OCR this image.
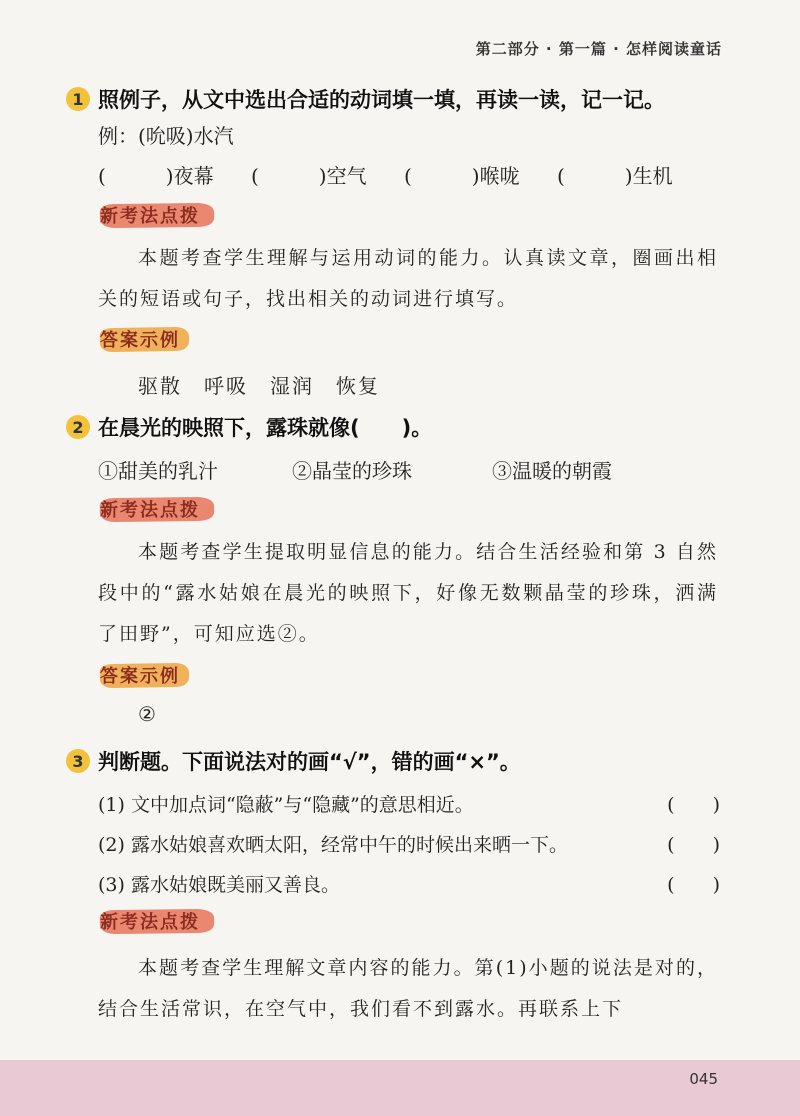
第二部分 · 第一篇 · 怎样阅读童话
1 照例子，从文中选出合适的动词填一填，再读一读，记一记。
例：(吮吸)水汽
(　　　)夜幕	(　　　)空气	(　　　)喉咙	(　　　)生机
新考法点拨
本题考查学生理解与运用动词的能力。认真读文章，圈画出相关的短语或句子，找出相关的动词进行填写。
答案示例
驱散　呼吸　湿润　恢复
2 在晨光的映照下，露珠就像(　　)。
①甜美的乳汁	②晶莹的珍珠	③温暖的朝霞
新考法点拨
本题考查学生提取明显信息的能力。结合生活经验和第 3 自然段中的“露水姑娘在晨光的映照下，好像无数颗晶莹的珍珠，洒满了田野”，可知应选②。
答案示例
②
3 判断题。下面说法对的画“√”，错的画“×”。
(1) 文中加点词“隐蔽”与“隐藏”的意思相近。	(　　)
(2) 露水姑娘喜欢晒太阳，经常中午的时候出来晒一下。	(　　)
(3) 露水姑娘既美丽又善良。	(　　)
新考法点拨
本题考查学生理解文章内容的能力。第(1)小题的说法是对的，结合生活常识，在空气中，我们看不到露水。再联系上下
045
